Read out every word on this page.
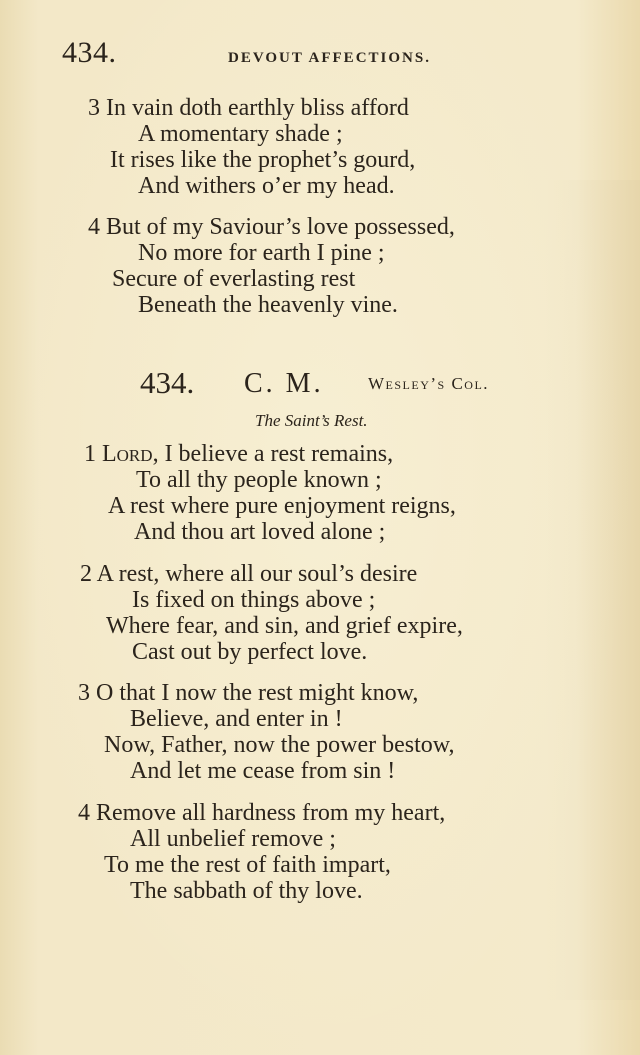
434.	DEVOUT AFFECTIONS.
3 In vain doth earthly bliss afford
A momentary shade ;
It rises like the prophet’s gourd,
And withers o’er my head.
4 But of my Saviour’s love possessed,
No more for earth I pine ;
Secure of everlasting rest
Beneath the heavenly vine.
434. C. M.	Wesley’s Col.
The Saint’s Rest.
1 Lord, I believe a rest remains,
To all thy people known ;
A rest where pure enjoyment reigns,
And thou art loved alone ;
2 A rest, where all our soul’s desire
Is fixed on things above ;
Where fear, and sin, and grief expire,
Cast out by perfect love.
3 O that I now the rest might know,
Believe, and enter in !
Now, Father, now the power bestow,
And let me cease from sin !
4 Remove all hardness from my heart,
All unbelief remove ;
To me the rest of faith impart,
The sabbath of thy love.
